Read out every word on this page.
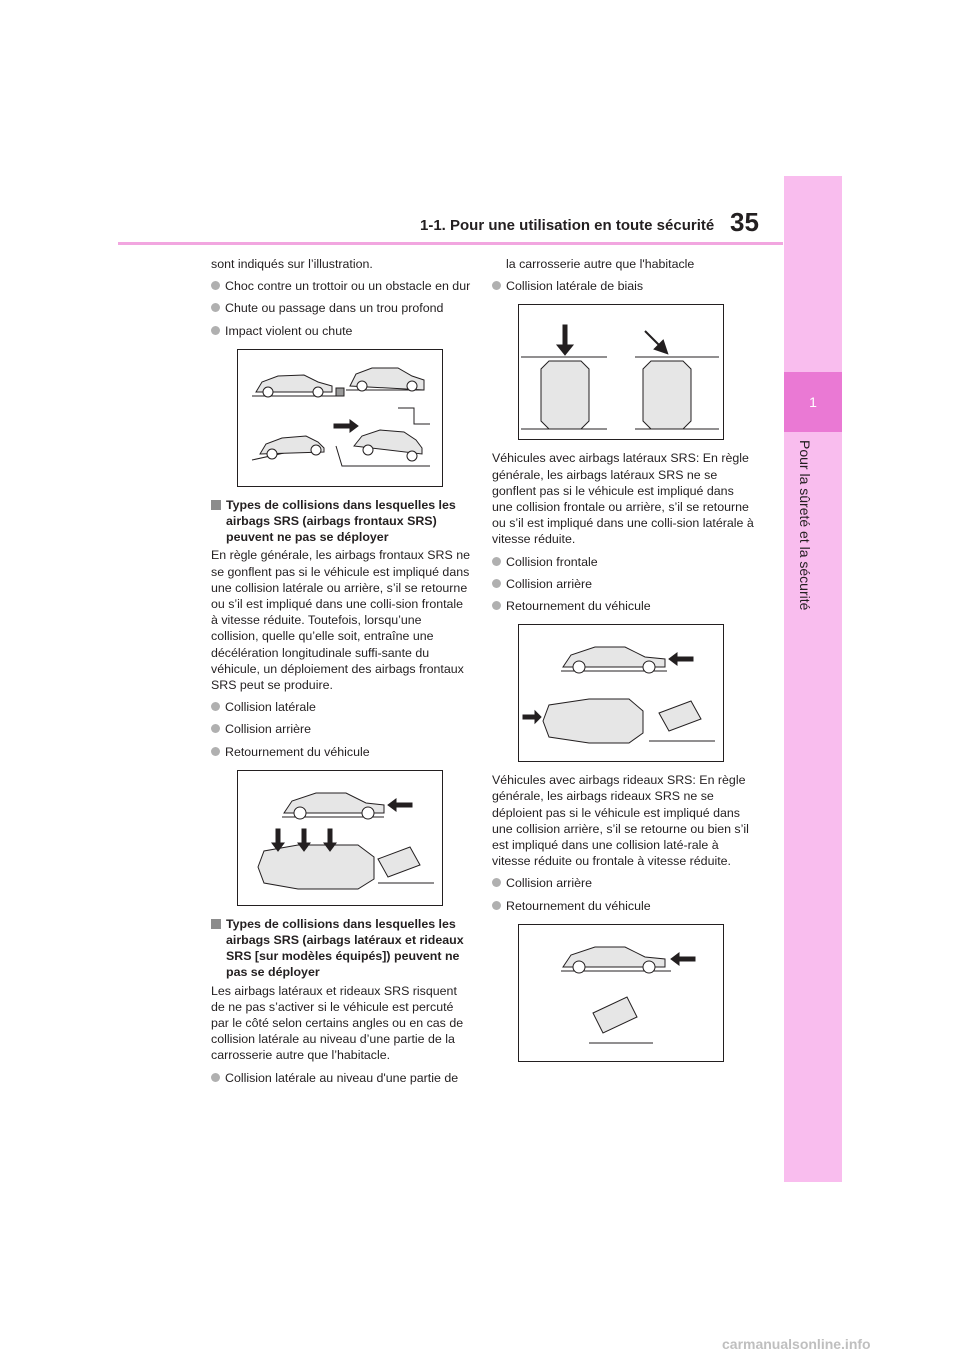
1
Pour la sûreté et la sécurité
1-1. Pour une utilisation en toute sécurité 35

sont indiqués sur l’illustration.

Choc contre un trottoir ou un obstacle en dur

Chute ou passage dans un trou profond

Impact violent ou chute

Types de collisions dans lesquelles les airbags SRS (airbags frontaux SRS) peuvent ne pas se déployer

En règle générale, les airbags frontaux SRS ne se gonflent pas si le véhicule est impliqué dans une collision latérale ou arrière, s’il se retourne ou s’il est impliqué dans une colli-sion frontale à vitesse réduite. Toutefois, lorsqu’une collision, quelle qu’elle soit, entraîne une décélération longitudinale suffi-sante du véhicule, un déploiement des airbags frontaux SRS peut se produire.

Collision latérale

Collision arrière

Retournement du véhicule

Types de collisions dans lesquelles les airbags SRS (airbags latéraux et rideaux SRS [sur modèles équipés]) peuvent ne pas se déployer

Les airbags latéraux et rideaux SRS risquent de ne pas s’activer si le véhicule est percuté par le côté selon certains angles ou en cas de collision latérale au niveau d’une partie de la carrosserie autre que l’habitacle.

Collision latérale au niveau d'une partie de

la carrosserie autre que l'habitacle

Collision latérale de biais

Véhicules avec airbags latéraux SRS: En règle générale, les airbags latéraux SRS ne se gonflent pas si le véhicule est impliqué dans une collision frontale ou arrière, s’il se retourne ou s’il est impliqué dans une colli-sion latérale à vitesse réduite.

Collision frontale

Collision arrière

Retournement du véhicule

Véhicules avec airbags rideaux SRS: En règle générale, les airbags rideaux SRS ne se déploient pas si le véhicule est impliqué dans une collision arrière, s’il se retourne ou bien s’il est impliqué dans une collision laté-rale à vitesse réduite ou frontale à vitesse réduite.

Collision arrière

Retournement du véhicule

carmanualsonline.info
